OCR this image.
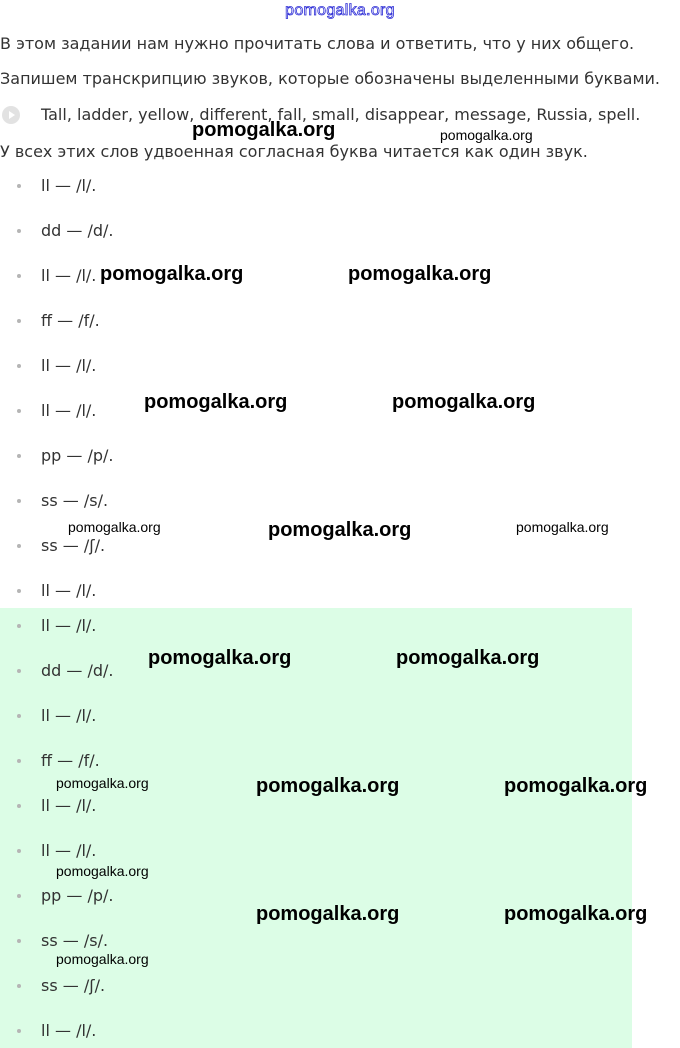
pomogalka.org

В этом задании нам нужно прочитать слова и ответить, что у них общего.

Запишем транскрипцию звуков, которые обозначены выделенными буквами.

Tall, ladder, yellow, different, fall, small, disappear, message, Russia, spell.

У всех этих слов удвоенная согласная буква читается как один звук.

ll — /l/.
dd — /d/.
ll — /l/.
ff — /f/.
ll — /l/.
ll — /l/.
pp — /p/.
ss — /s/.
ss — /ʃ/.
ll — /l/.
ll — /l/.
dd — /d/.
ll — /l/.
ff — /f/.
ll — /l/.
ll — /l/.
pp — /p/.
ss — /s/.
ss — /ʃ/.
ll — /l/.
pomogalka.org	pomogalka.org
pomogalka.org	pomogalka.org
pomogalka.org	pomogalka.org
pomogalka.org	pomogalka.org	pomogalka.org
pomogalka.org	pomogalka.org
pomogalka.org	pomogalka.org	pomogalka.org
pomogalka.org
pomogalka.org	pomogalka.org
pomogalka.org
